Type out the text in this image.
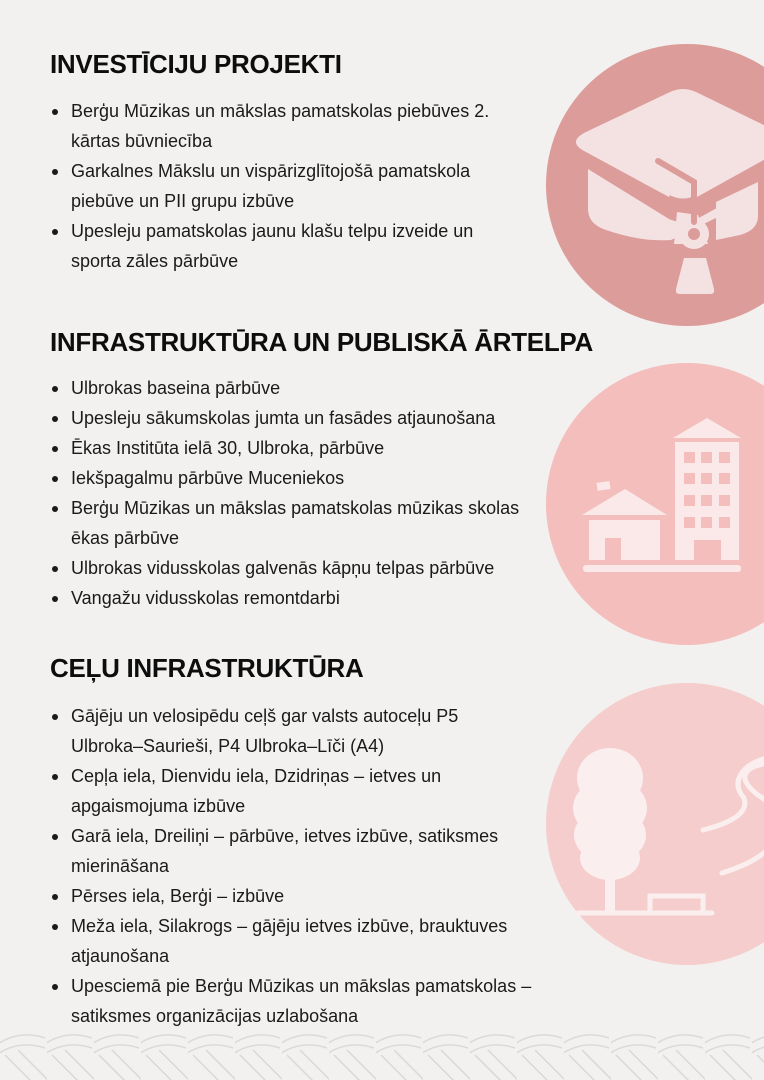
INVESTĪCIJU PROJEKTI
Berģu Mūzikas un mākslas pamatskolas piebūves 2. kārtas būvniecība
Garkalnes Mākslu un vispārizglītojošā pamatskola piebūve un PII grupu izbūve
Upesleju pamatskolas jaunu klašu telpu izveide un sporta zāles pārbūve
INFRASTRUKTŪRA UN PUBLISKĀ ĀRTELPA
Ulbrokas baseina pārbūve
Upesleju sākumskolas jumta un fasādes atjaunošana
Ēkas Institūta ielā 30, Ulbroka, pārbūve
Iekšpagalmu pārbūve Muceniekos
Berģu Mūzikas un mākslas pamatskolas mūzikas skolas ēkas pārbūve
Ulbrokas vidusskolas galvenās kāpņu telpas pārbūve
Vangažu vidusskolas remontdarbi
CEĻU INFRASTRUKTŪRA
Gājēju un velosipēdu ceļš gar valsts autoceļu P5 Ulbroka–Saurieši, P4 Ulbroka–Līči (A4)
Cepļa iela, Dienvidu iela, Dzidriņas – ietves un apgaismojuma izbūve
Garā iela, Dreiliņi – pārbūve, ietves izbūve, satiksmes mierināšana
Pērses iela, Berģi – izbūve
Meža iela, Silakrogs – gājēju ietves izbūve, brauktuves atjaunošana
Upesciemā pie Berģu Mūzikas un mākslas pamatskolas – satiksmes organizācijas uzlabošana
